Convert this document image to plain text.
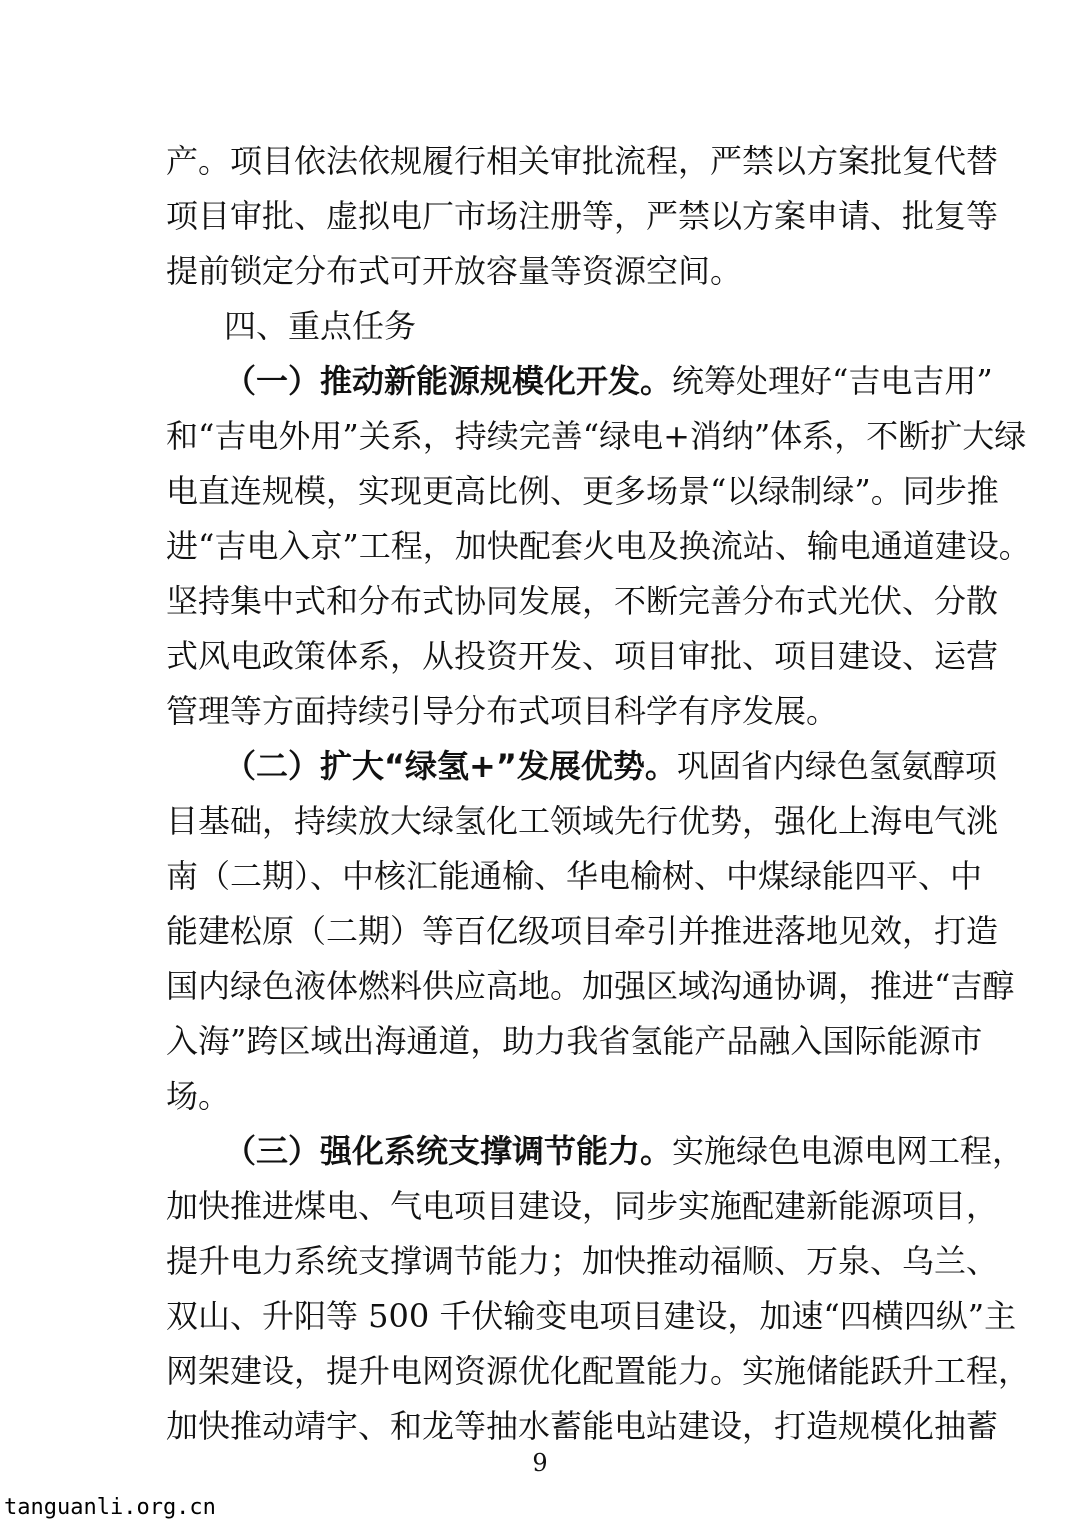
产。项目依法依规履行相关审批流程，严禁以方案批复代替
项目审批、虚拟电厂市场注册等，严禁以方案申请、批复等
提前锁定分布式可开放容量等资源空间。
四、重点任务
（一）推动新能源规模化开发。统筹处理好“吉电吉用”
和“吉电外用”关系，持续完善“绿电+消纳”体系，不断扩大绿
电直连规模，实现更高比例、更多场景“以绿制绿”。同步推
进“吉电入京”工程，加快配套火电及换流站、输电通道建设。
坚持集中式和分布式协同发展，不断完善分布式光伏、分散
式风电政策体系，从投资开发、项目审批、项目建设、运营
管理等方面持续引导分布式项目科学有序发展。
（二）扩大“绿氢+”发展优势。巩固省内绿色氢氨醇项
目基础，持续放大绿氢化工领域先行优势，强化上海电气洮
南（二期）、中核汇能通榆、华电榆树、中煤绿能四平、中
能建松原（二期）等百亿级项目牵引并推进落地见效，打造
国内绿色液体燃料供应高地。加强区域沟通协调，推进“吉醇
入海”跨区域出海通道，助力我省氢能产品融入国际能源市
场。
（三）强化系统支撑调节能力。实施绿色电源电网工程，
加快推进煤电、气电项目建设，同步实施配建新能源项目，
提升电力系统支撑调节能力；加快推动福顺、万泉、乌兰、
双山、升阳等 500 千伏输变电项目建设，加速“四横四纵”主
网架建设，提升电网资源优化配置能力。实施储能跃升工程，
加快推动靖宇、和龙等抽水蓄能电站建设，打造规模化抽蓄
9
tanguanli.org.cn
